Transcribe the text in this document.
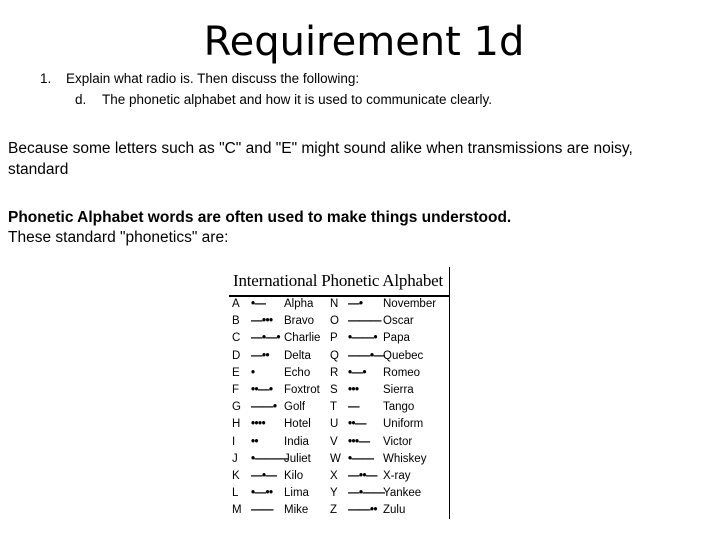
Requirement 1d
1. Explain what radio is. Then discuss the following:
d. The phonetic alphabet and how it is used to communicate clearly.
Because some letters such as "C" and "E" might sound alike when transmissions are noisy,
standard
Phonetic Alphabet words are often used to make things understood.
These standard "phonetics" are:
International Phonetic Alphabet
A •— Alpha N —• November
B —••• Bravo O ——— Oscar
C —•—• Charlie P •——• Papa
D —•• Delta Q ——•—
Quebec
E •	Echo R •—• Romeo
F ••—• Foxtrot S ••• Sierra
G ——• Golf T — Tango
H •••• Hotel U ••— Uniform
I •• India V •••— Victor
J •———
Juliet W •—— Whiskey
K —•— Kilo X —••— X-ray
L •—•• Lima Y —•——
Yankee
M —— Mike Z ——•• Zulu
